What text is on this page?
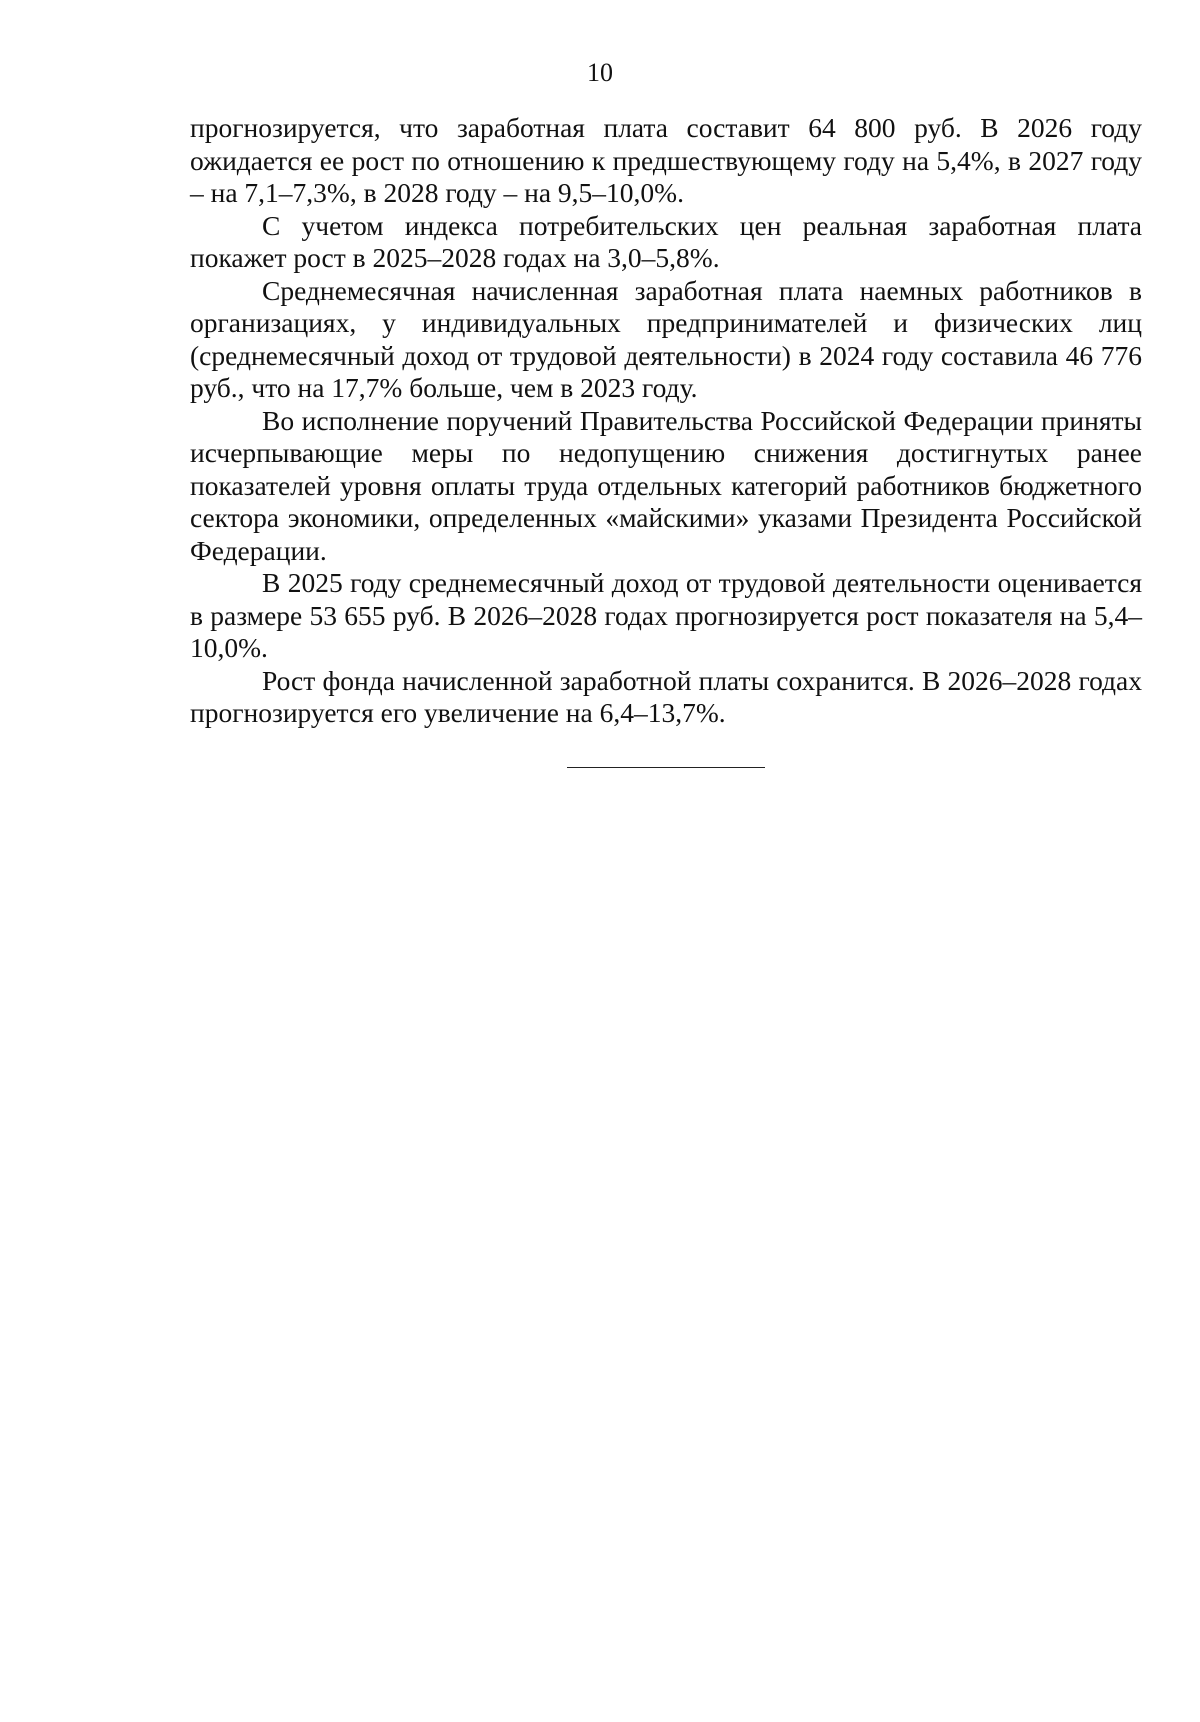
10

прогнозируется, что заработная плата составит 64 800 руб. В 2026 году ожидается ее рост по отношению к предшествующему году на 5,4%, в 2027 году – на 7,1–7,3%, в 2028 году – на 9,5–10,0%.

С учетом индекса потребительских цен реальная заработная плата покажет рост в 2025–2028 годах на 3,0–5,8%.

Среднемесячная начисленная заработная плата наемных работников в организациях, у индивидуальных предпринимателей и физических лиц (среднемесячный доход от трудовой деятельности) в 2024 году составила 46 776 руб., что на 17,7% больше, чем в 2023 году.

Во исполнение поручений Правительства Российской Федерации приняты исчерпывающие меры по недопущению снижения достигнутых ранее показателей уровня оплаты труда отдельных категорий работников бюджетного сектора экономики, определенных «майскими» указами Президента Российской Федерации.

В 2025 году среднемесячный доход от трудовой деятельности оценивается в размере 53 655 руб. В 2026–2028 годах прогнозируется рост показателя на 5,4–10,0%.

Рост фонда начисленной заработной платы сохранится. В 2026–2028 годах прогнозируется его увеличение на 6,4–13,7%.
